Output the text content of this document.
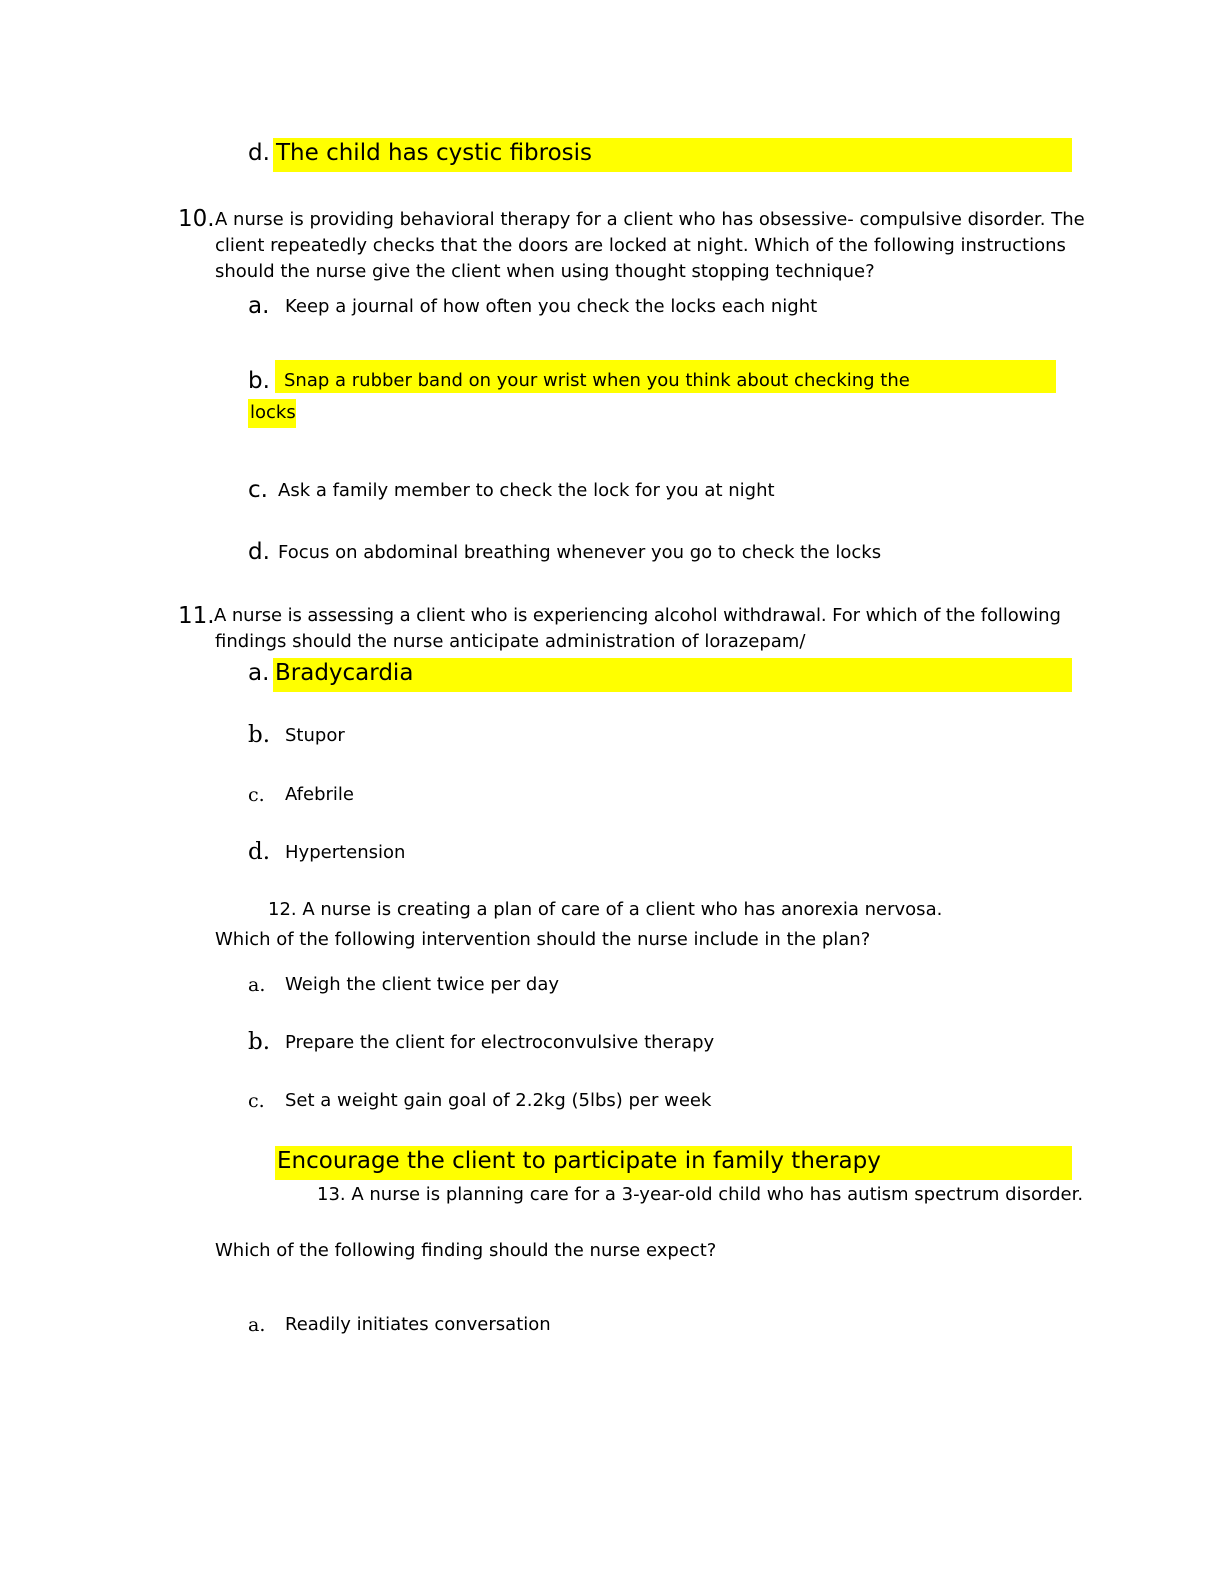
d. The child has cystic fibrosis
10. A nurse is providing behavioral therapy for a client who has obsessive- compulsive disorder. The
client repeatedly checks that the doors are locked at night. Which of the following instructions
should the nurse give the client when using thought stopping technique?
a. Keep a journal of how often you check the locks each night
b. Snap a rubber band on your wrist when you think about checking the
locks
c. Ask a family member to check the lock for you at night
d. Focus on abdominal breathing whenever you go to check the locks
11. A nurse is assessing a client who is experiencing alcohol withdrawal. For which of the following
findings should the nurse anticipate administration of lorazepam/
a. Bradycardia
b. Stupor
c. Afebrile
d. Hypertension
12. A nurse is creating a plan of care of a client who has anorexia nervosa.
Which of the following intervention should the nurse include in the plan?
a. Weigh the client twice per day
b. Prepare the client for electroconvulsive therapy
c. Set a weight gain goal of 2.2kg (5lbs) per week
Encourage the client to participate in family therapy
13. A nurse is planning care for a 3-year-old child who has autism spectrum disorder.
Which of the following finding should the nurse expect?
a. Readily initiates conversation
